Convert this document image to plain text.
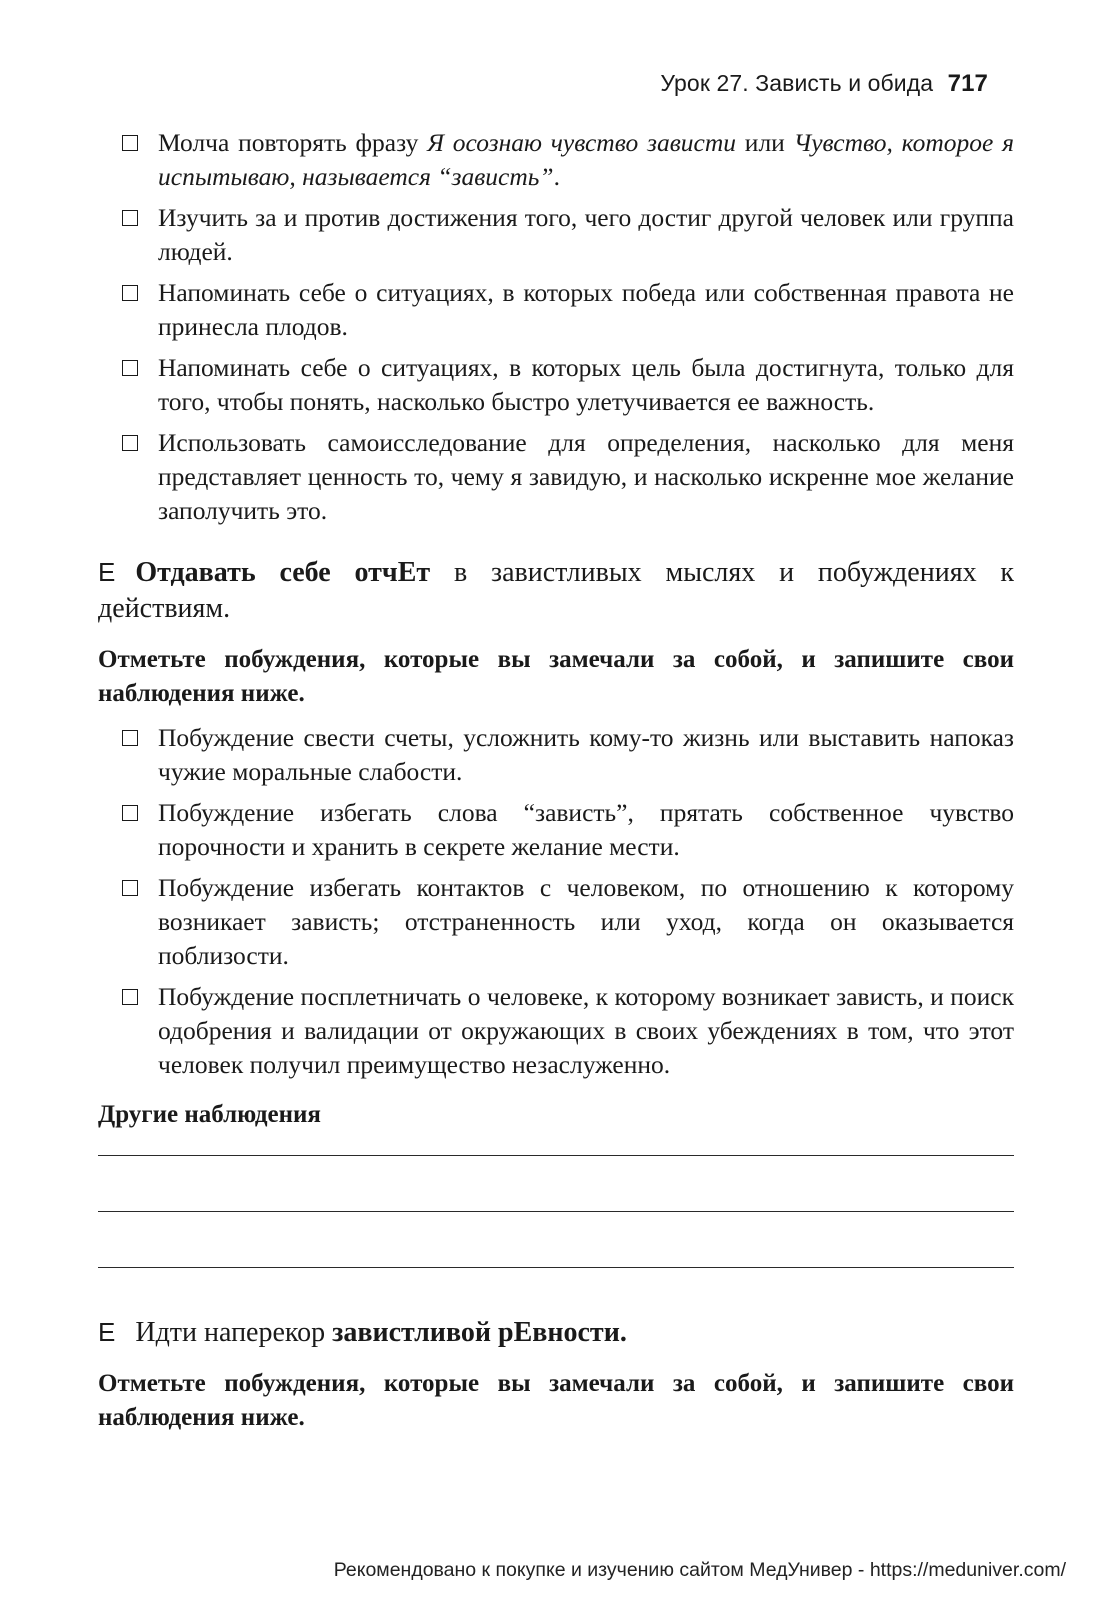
Урок 27. Зависть и обида 717

Молча повторять фразу Я осознаю чувство зависти или Чувство, которое я испытываю, называется “зависть”.

Изучить за и против достижения того, чего достиг другой человек или группа людей.

Напоминать себе о ситуациях, в которых победа или собственная правота не принесла плодов.

Напоминать себе о ситуациях, в которых цель была достигнута, только для того, чтобы понять, насколько быстро улетучивается ее важность.

Использовать самоисследование для определения, насколько для меня представляет ценность то, чему я завидую, и насколько искренне мое желание заполучить это.

E Отдавать себе отчЕт в завистливых мыслях и побуждениях к действиям.
Отметьте побуждения, которые вы замечали за собой, и запишите свои наблюдения ниже.

Побуждение свести счеты, усложнить кому-то жизнь или выставить напоказ чужие моральные слабости.

Побуждение избегать слова “зависть”, прятать собственное чувство порочности и хранить в секрете желание мести.

Побуждение избегать контактов с человеком, по отношению к которому возникает зависть; отстраненность или уход, когда он оказывается поблизости.

Побуждение посплетничать о человеке, к которому возникает зависть, и поиск одобрения и валидации от окружающих в своих убеждениях в том, что этот человек получил преимущество незаслуженно.

Другие наблюдения
E Идти наперекор завистливой рЕвности.
Отметьте побуждения, которые вы замечали за собой, и запишите свои наблюдения ниже.
Рекомендовано к покупке и изучению сайтом МедУнивер - https://meduniver.com/
